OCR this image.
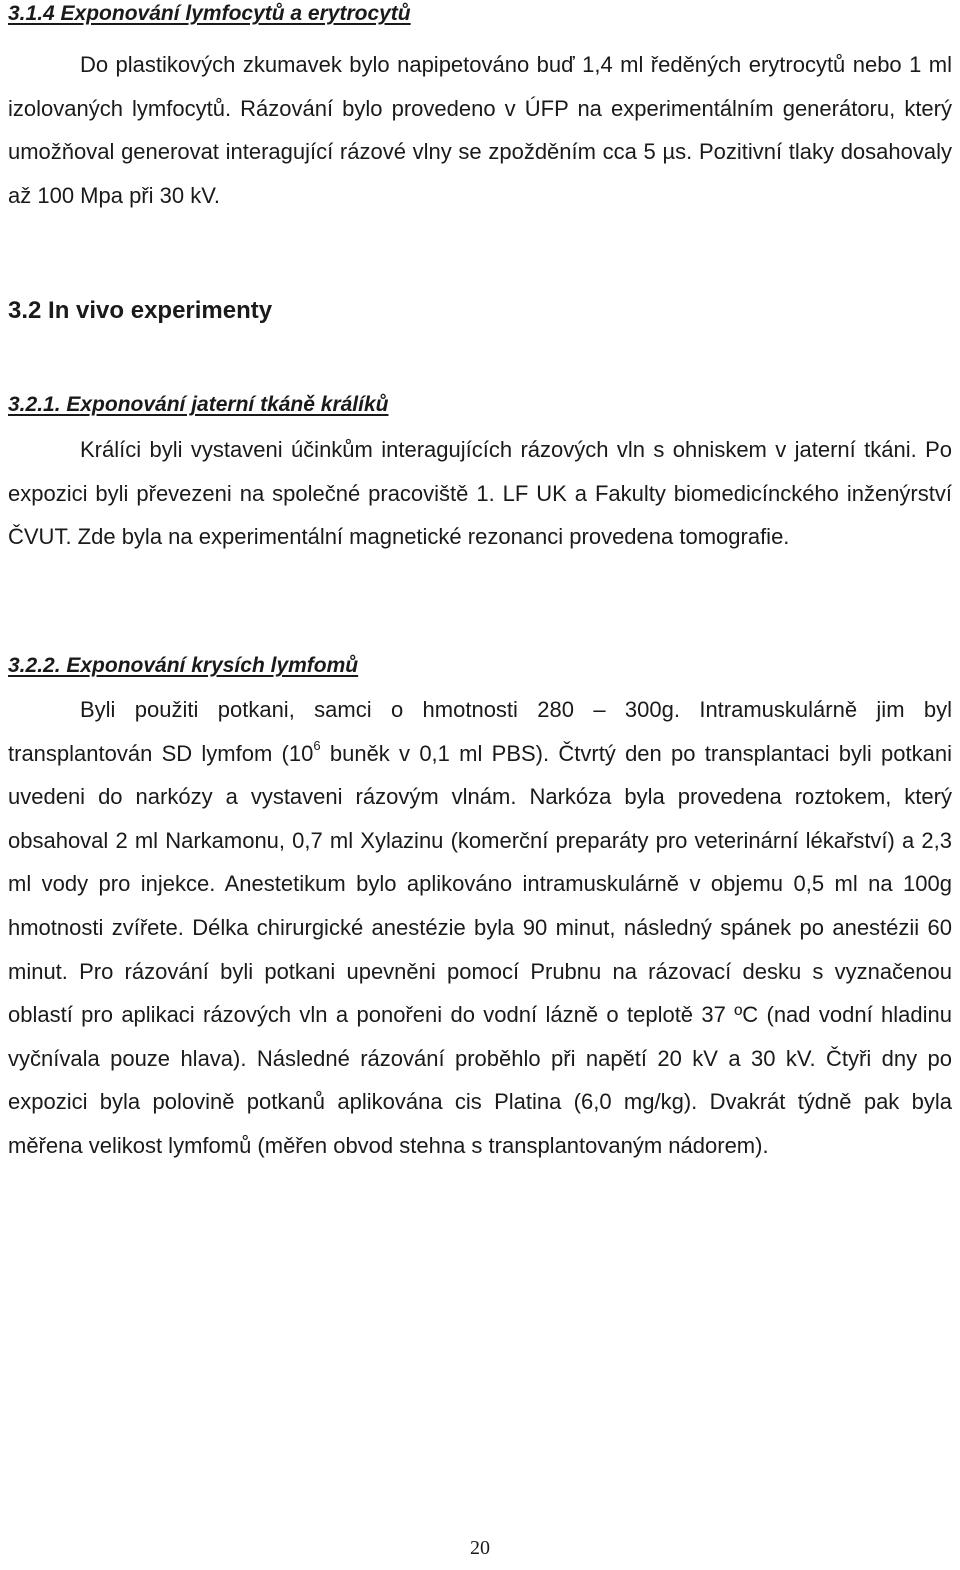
3.1.4 Exponování lymfocytů a erytrocytů

Do plastikových zkumavek bylo napipetováno buď 1,4 ml ředěných erytrocytů nebo 1 ml izolovaných lymfocytů. Rázování bylo provedeno v ÚFP na experimentálním generátoru, který umožňoval generovat interagující rázové vlny se zpožděním cca 5 µs. Pozitivní tlaky dosahovaly až 100 Mpa při 30 kV.

3.2 In vivo experimenty
3.2.1. Exponování jaterní tkáně králíků

Králíci byli vystaveni účinkům interagujících rázových vln s ohniskem v jaterní tkáni. Po expozici byli převezeni na společné pracoviště 1. LF UK a Fakulty biomedicínckého inženýrství ČVUT. Zde byla na experimentální magnetické rezonanci provedena tomografie.

3.2.2. Exponování krysích lymfomů

Byli použiti potkani, samci o hmotnosti 280 – 300g. Intramuskulárně jim byl transplantován SD lymfom ($10^6$ buněk v 0,1 ml PBS). Čtvrtý den po transplantaci byli potkani uvedeni do narkózy a vystaveni rázovým vlnám. Narkóza byla provedena roztokem, který obsahoval 2 ml Narkamonu, 0,7 ml Xylazinu (komerční preparáty pro veterinární lékařství) a 2,3 ml vody pro injekce. Anestetikum bylo aplikováno intramuskulárně v objemu 0,5 ml na 100g hmotnosti zvířete. Délka chirurgické anestézie byla 90 minut, následný spánek po anestézii 60 minut. Pro rázování byli potkani upevněni pomocí Prubnu na rázovací desku s vyznačenou oblastí pro aplikaci rázových vln a ponořeni do vodní lázně o teplotě 37 ºC (nad vodní hladinu vyčnívala pouze hlava). Následné rázování proběhlo při napětí 20 kV a 30 kV. Čtyři dny po expozici byla polovině potkanů aplikována cis Platina (6,0 mg/kg). Dvakrát týdně pak byla měřena velikost lymfomů (měřen obvod stehna s transplantovaným nádorem).

20
